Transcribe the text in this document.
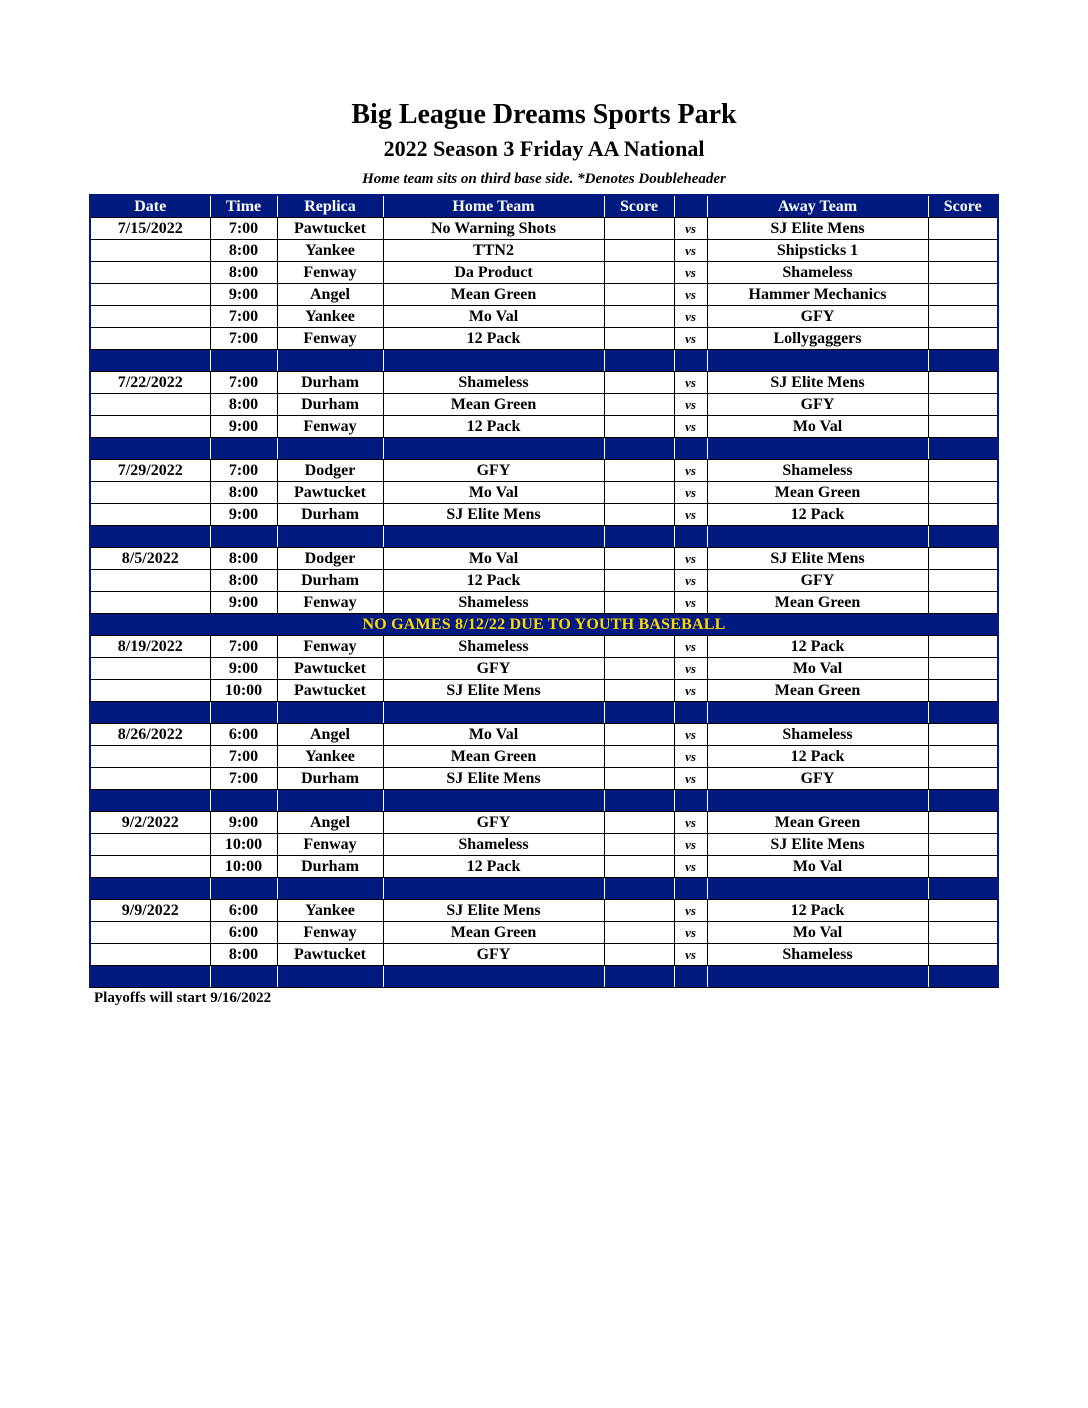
Big League Dreams Sports Park
2022 Season 3 Friday AA National
Home team sits on third base side. *Denotes Doubleheader
Date	Time	Replica	Home Team	Score		Away Team	Score
7/15/2022	7:00	Pawtucket	No Warning Shots		vs	SJ Elite Mens	
	8:00	Yankee	TTN2		vs	Shipsticks 1	
	8:00	Fenway	Da Product		vs	Shameless	
	9:00	Angel	Mean Green		vs	Hammer Mechanics	
	7:00	Yankee	Mo Val		vs	GFY	
	7:00	Fenway	12 Pack		vs	Lollygaggers	

7/22/2022	7:00	Durham	Shameless		vs	SJ Elite Mens	
	8:00	Durham	Mean Green		vs	GFY	
	9:00	Fenway	12 Pack		vs	Mo Val	

7/29/2022	7:00	Dodger	GFY		vs	Shameless	
	8:00	Pawtucket	Mo Val		vs	Mean Green	
	9:00	Durham	SJ Elite Mens		vs	12 Pack	

8/5/2022	8:00	Dodger	Mo Val		vs	SJ Elite Mens	
	8:00	Durham	12 Pack		vs	GFY	
	9:00	Fenway	Shameless		vs	Mean Green	
NO GAMES 8/12/22 DUE TO YOUTH BASEBALL							
8/19/2022	7:00	Fenway	Shameless		vs	12 Pack	
	9:00	Pawtucket	GFY		vs	Mo Val	
	10:00	Pawtucket	SJ Elite Mens		vs	Mean Green	

8/26/2022	6:00	Angel	Mo Val		vs	Shameless	
	7:00	Yankee	Mean Green		vs	12 Pack	
	7:00	Durham	SJ Elite Mens		vs	GFY	

9/2/2022	9:00	Angel	GFY		vs	Mean Green	
	10:00	Fenway	Shameless		vs	SJ Elite Mens	
	10:00	Durham	12 Pack		vs	Mo Val	

9/9/2022	6:00	Yankee	SJ Elite Mens		vs	12 Pack	
	6:00	Fenway	Mean Green		vs	Mo Val	
	8:00	Pawtucket	GFY		vs	Shameless	

Playoffs will start 9/16/2022
